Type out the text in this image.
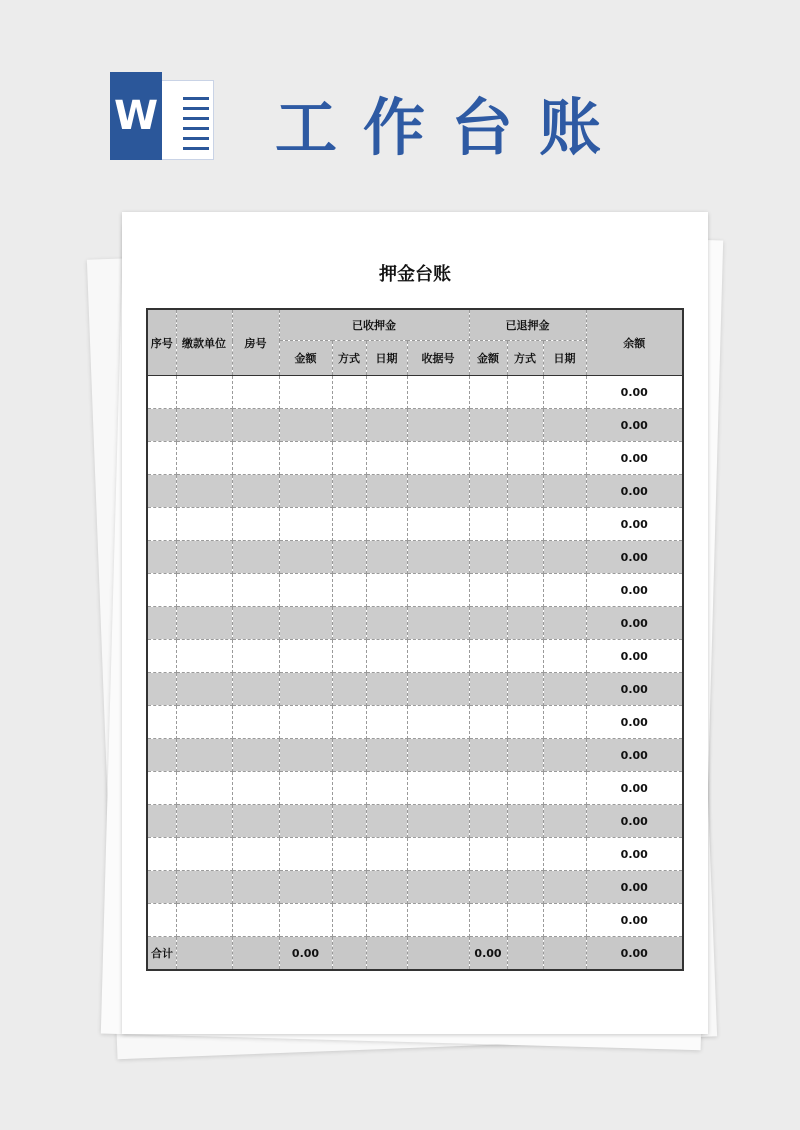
W 工作台账
押金台账
序号	缴款单位	房号	已收押金				已退押金			余额
			金额	方式	日期	收据号	金额	方式	日期	
										0.00
										0.00
										0.00
										0.00
										0.00
										0.00
										0.00
										0.00
										0.00
										0.00
										0.00
										0.00
										0.00
										0.00
										0.00
										0.00
										0.00
合计			0.00				0.00			0.00
